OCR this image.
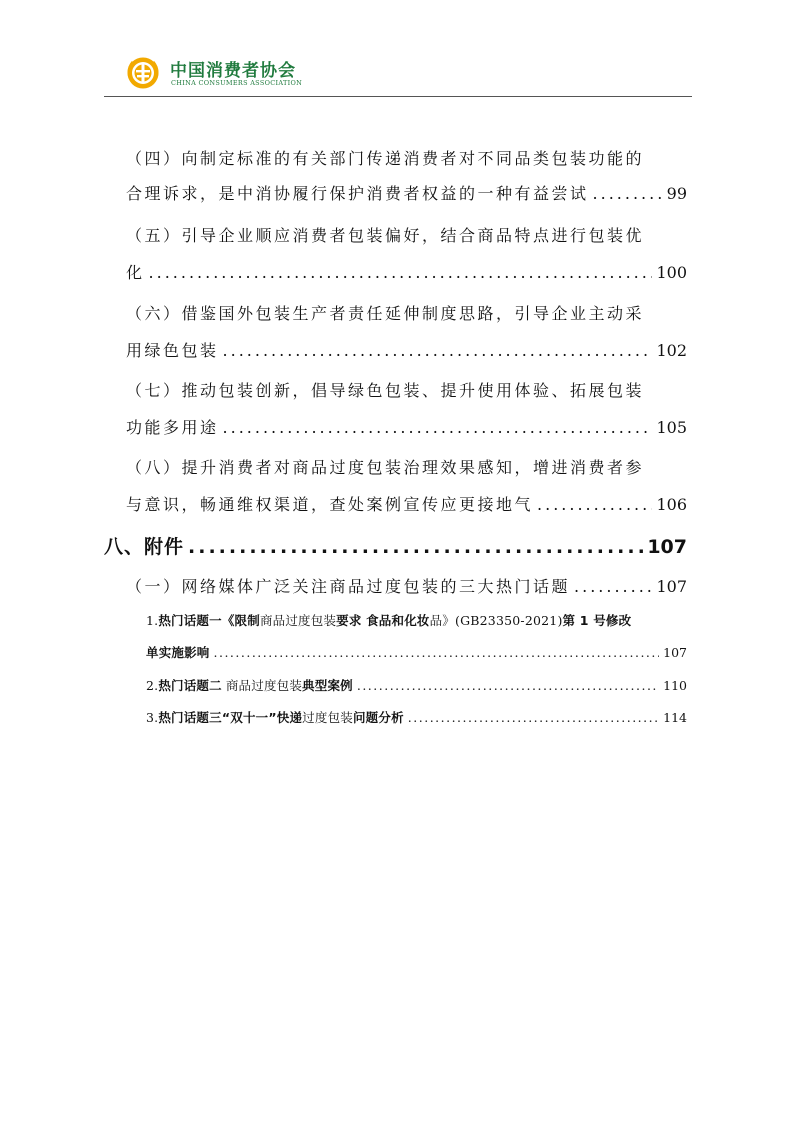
中国消费者协会
CHINA CONSUMERS ASSOCIATION
（四）向制定标准的有关部门传递消费者对不同品类包装功能的
合理诉求，是中消协履行保护消费者权益的一种有益尝试 .....	99
（五）引导企业顺应消费者包装偏好，结合商品特点进行包装优
化 .....	100
（六）借鉴国外包装生产者责任延伸制度思路，引导企业主动采
用绿色包装 .....	102
（七）推动包装创新，倡导绿色包装、提升使用体验、拓展包装
功能多用途 .....	105
（八）提升消费者对商品过度包装治理效果感知，增进消费者参
与意识，畅通维权渠道，查处案例宣传应更接地气 .....	106
八、附件 .....	107
（一）网络媒体广泛关注商品过度包装的三大热门话题 .....	107
1. 热门话题一《限制 商品过度包装 要求 食品和化妆 品》(GB23350-2021) 第 1 号修改
单实施影响 .....	107
2. 热门话题二 商品过度包装 典型案例 .....	110
3. 热门话题三“双十一”快递 过度包装 问题分析 .....	114
